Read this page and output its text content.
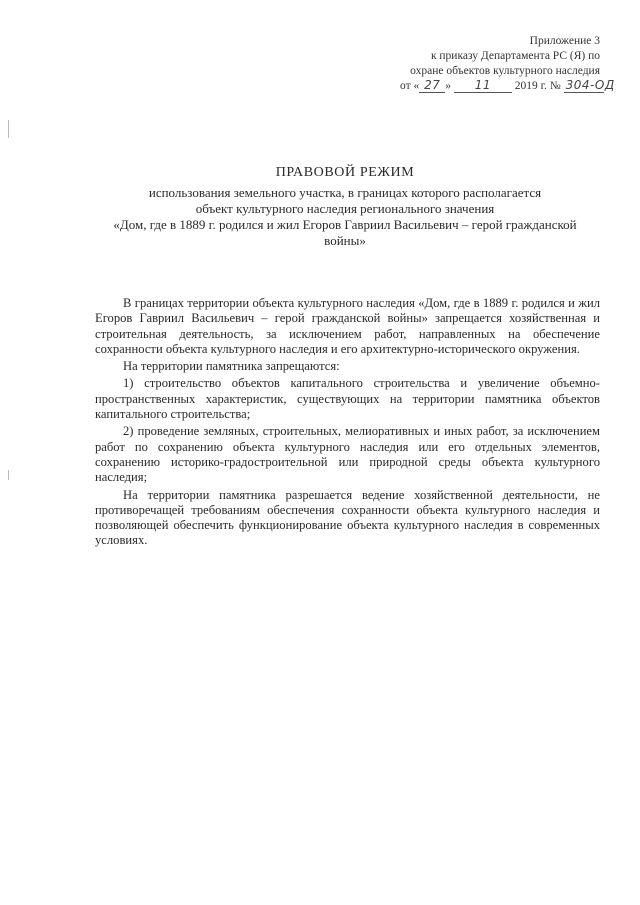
Приложение 3
к приказу Департамента РС (Я) по
охране объектов культурного наследия
от « 27 » 11 2019 г. № 304-ОД
ПРАВОВОЙ РЕЖИМ
использования земельного участка, в границах которого располагается
объект культурного наследия регионального значения
«Дом, где в 1889 г. родился и жил Егоров Гавриил Васильевич – герой гражданской
войны»

В границах территории объекта культурного наследия «Дом, где в 1889 г. родился и жил Егоров Гавриил Васильевич – герой гражданской войны» запрещается хозяйственная и строительная деятельность, за исключением работ, направленных на обеспечение сохранности объекта культурного наследия и его архитектурно-исторического окружения.

На территории памятника запрещаются:

1) строительство объектов капитального строительства и увеличение объемно-пространственных характеристик, существующих на территории памятника объектов капитального строительства;

2) проведение земляных, строительных, мелиоративных и иных работ, за исключением работ по сохранению объекта культурного наследия или его отдельных элементов, сохранению историко-градостроительной или природной среды объекта культурного наследия;

На территории памятника разрешается ведение хозяйственной деятельности, не противоречащей требованиям обеспечения сохранности объекта культурного наследия и позволяющей обеспечить функционирование объекта культурного наследия в современных условиях.
